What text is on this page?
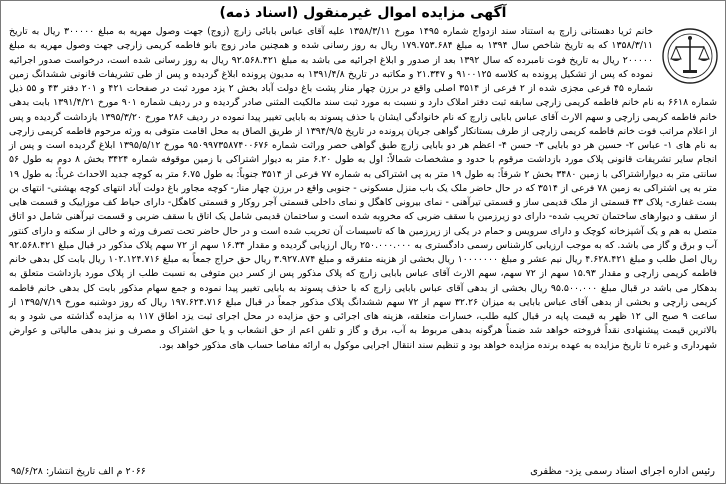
آگهی مزایده اموال غیرمنقول (اسناد ذمه)
خانم ثریا دهستانی زارچ به استناد سند ازدواج شماره ۱۴۹۵ مورخ ۱۳۵۸/۳/۱۱ علیه آقای عباس بابائی زارچ (زوج) جهت وصول مهریه به مبلغ ۳۰۰۰۰۰ ریال به تاریخ ۱۳۵۸/۳/۱۱ که به تاریخ شاخص سال ۱۳۹۴ به مبلغ ۱۷۹.۷۵۳.۶۸۴ ریال به روز رسانی شده و همچنین مادر زوج بانو فاطمه کریمی زارچی جهت وصول مهریه به مبلغ ۲۰۰۰۰۰ ریال به تاریخ فوت نامبرده که سال ۱۳۹۲ بعد از صدور و ابلاغ اجرائیه می باشد به مبلغ ۹۲.۵۶۸.۴۲۱ ریال به روز رسانی شده است، درخواست صدور اجرائیه نموده که پس از تشکیل پرونده به کلاسه ۹۱۰۰۱۲۵ و ۲۱.۳۴۷ و مکاتبه در تاریخ ۱۳۹۱/۴/۸ به مدیون پرونده ابلاغ گردیده و پس از طی تشریفات قانونی ششدانگ زمین شماره ۴۵ فرعی مجزی شده از ۲ فرعی از ۳۵۱۴ اصلی واقع در برزن چهار منار پشت باغ دولت آباد بخش ۲ یزد مورد ثبت در صفحات ۴۲۱ و ۲۰۱ دفتر ۴۳ و ۵۵ ذیل شماره ۶۶۱۸ به نام خانم فاطمه کریمی زارچی سابقه ثبت دفتر املاک دارد و نسبت به مورد ثبت سند مالکیت المثنی صادر گردیده و در ردیف شماره ۹۰۱ مورخ ۱۳۹۱/۴/۲۱ بابت بدهی خانم فاطمه کریمی زارچی و سهم الارث آقای عباس بابایی زارچ که نام خانوادگی ایشان با حذف پسوند به بابایی تغییر پیدا نموده در ردیف ۲۸۶ مورخ ۱۳۹۵/۳/۲۰ بازداشت گردیده و پس از اعلام مراتب فوت خانم فاطمه کریمی زارچی از طرف بستانکار گواهی جریان پرونده در تاریخ ۱۳۹۴/۹/۵ از طریق الصاق به محل اقامت متوفی به ورثه مرحوم فاطمه کریمی زارچی به نام های ۱- عباس ۲- حسین هر دو بابایی ۳- حسن ۴- اعظم هر دو بابایی زارچ طبق گواهی حصر وراثت شماره ۹۵۰۹۹۷۳۵۸۷۴۰۰۶۷۶ مورخ ۱۳۹۵/۵/۱۲ ابلاغ گردیده است و پس از انجام سایر تشریفات قانونی پلاک مورد بازداشت مرقوم با حدود و مشخصات شمالاً: اول به طول ۶.۲۰ متر به دیوار اشتراکی با زمین موقوفه شماره ۳۴۲۴ بخش ۸ دوم به طول ۵۶ سانتی متر به دیواراشتراکی با زمین ۳۴۸۰ بخش ۲ شرقاً: به طول ۱۹ متر به پی اشتراکی به شماره ۷۷ فرعی از ۳۵۱۴ جنوباً: به طول ۶.۷۵ متر به کوچه جدید الاحداث غرباً: به طول ۱۹ متر به پی اشتراکی به زمین ۷۸ فرعی از ۳۵۱۴ که در حال حاضر ملک یک باب منزل مسکونی - جنوبی واقع در برزن چهار منار- کوچه مجاور باغ دولت آباد انتهای کوچه بهشتی- انتهای بن بست غفاری- پلاک ۴۳ قسمتی از ملک قدیمی ساز و قسمتی تیرآهنی - نمای بیرونی کاهگل و نمای داخلی قسمتی آجر روکار و قسمتی کاهگل- دارای حیاط کف موزاییک و قسمت هایی از سقف و دیوارهای ساختمان تخریب شده- دارای دو زیرزمین با سقف ضربی که مخروبه شده است و ساختمان قدیمی شامل یک اتاق با سقف ضربی و قسمت تیرآهنی شامل دو اتاق متصل به هم و یک آشپزخانه کوچک و دارای سرویس و حمام در یکی از زیرزمین ها که تاسیسات آن تخریب شده است و در حال حاضر تحت تصرف ورثه و خالی از سکنه و دارای کنتور آب و برق و گاز می باشد. که به موجب ارزیابی کارشناس رسمی دادگستری به ۲۵۰.۰۰۰.۰۰۰ ریال ارزیابی گردیده و مقدار ۱۶.۳۴ سهم از ۷۲ سهم پلاک مذکور در قبال مبلغ ۹۲.۵۶۸.۴۲۱ ریال اصل طلب و مبلغ ۴.۶۲۸.۴۲۱ ریال نیم عشر و مبلغ ۱۰۰۰۰۰۰۰ ریال بخشی از هزینه متفرقه و مبلغ ۳.۹۲۷.۸۷۴ ریال حق حراج جمعاً به مبلغ ۱۰۲.۱۲۴.۷۱۶ ریال بابت کل بدهی خانم فاطمه کریمی زارچی و مقدار ۱۵.۹۳ سهم از ۷۲ سهم، سهم الارث آقای عباس بابایی زارچ که پلاک مذکور پس از کسر دین متوفی به نسبت طلب از پلاک مورد بازداشت متعلق به بدهکار می باشد در قبال مبلغ ۹۵.۵۰۰.۰۰۰ ریال بخشی از بدهی آقای عباس بابایی زارچ که با حذف پسوند به بابایی تغییر پیدا نموده و جمع سهام مذکور بابت کل بدهی خانم فاطمه کریمی زارچی و بخشی از بدهی آقای عباس بابایی به میزان ۳۲.۲۶ سهم از ۷۲ سهم ششدانگ پلاک مذکور جمعاً در قبال مبلغ ۱۹۷.۶۲۴.۷۱۶ ریال که روز دوشنبه مورخ ۱۳۹۵/۷/۱۹ از ساعت ۹ صبح الی ۱۲ ظهر به قیمت پایه در قبال کلیه طلب، خسارات متعلقه، هزینه های اجرائی و حق مزایده در محل اجرای ثبت یزد اطاق ۱۱۷ به مزایده گذاشته می شود و به بالاترین قیمت پیشنهادی نقداً فروخته خواهد شد ضمناً هرگونه بدهی مربوط به آب، برق و گاز و تلفن اعم از حق انشعاب و یا حق اشتراک و مصرف و نیز بدهی مالیاتی و عوارض شهرداری و غیره تا تاریخ مزایده به عهده برنده مزایده خواهد بود و تنظیم سند انتقال اجرایی موکول به ارائه مفاصا حساب های مذکور خواهد بود.
رئیس اداره اجرای اسناد رسمی یزد- مظفری
۲۰۶۶ م الف تاریخ انتشار: ۹۵/۶/۲۸
